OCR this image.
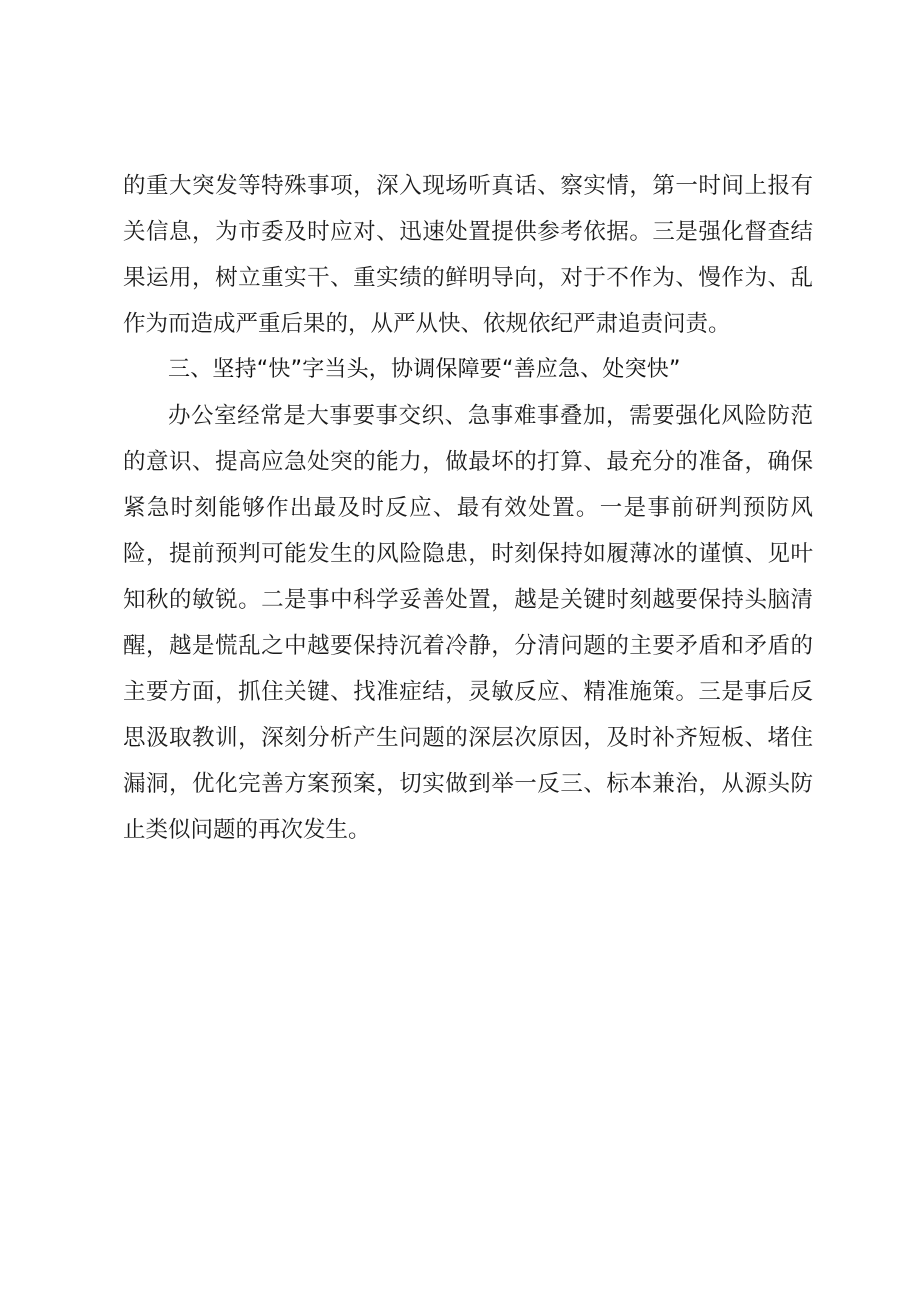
的重大突发等特殊事项，深入现场听真话、察实情，第一时间上报有关信息，为市委及时应对、迅速处置提供参考依据。三是强化督查结果运用，树立重实干、重实绩的鲜明导向，对于不作为、慢作为、乱作为而造成严重后果的，从严从快、依规依纪严肃追责问责。

三、坚持“快”字当头，协调保障要“善应急、处突快”

办公室经常是大事要事交织、急事难事叠加，需要强化风险防范的意识、提高应急处突的能力，做最坏的打算、最充分的准备，确保紧急时刻能够作出最及时反应、最有效处置。一是事前研判预防风险，提前预判可能发生的风险隐患，时刻保持如履薄冰的谨慎、见叶知秋的敏锐。二是事中科学妥善处置，越是关键时刻越要保持头脑清醒，越是慌乱之中越要保持沉着冷静，分清问题的主要矛盾和矛盾的主要方面，抓住关键、找准症结，灵敏反应、精准施策。三是事后反思汲取教训，深刻分析产生问题的深层次原因，及时补齐短板、堵住漏洞，优化完善方案预案，切实做到举一反三、标本兼治，从源头防止类似问题的再次发生。
